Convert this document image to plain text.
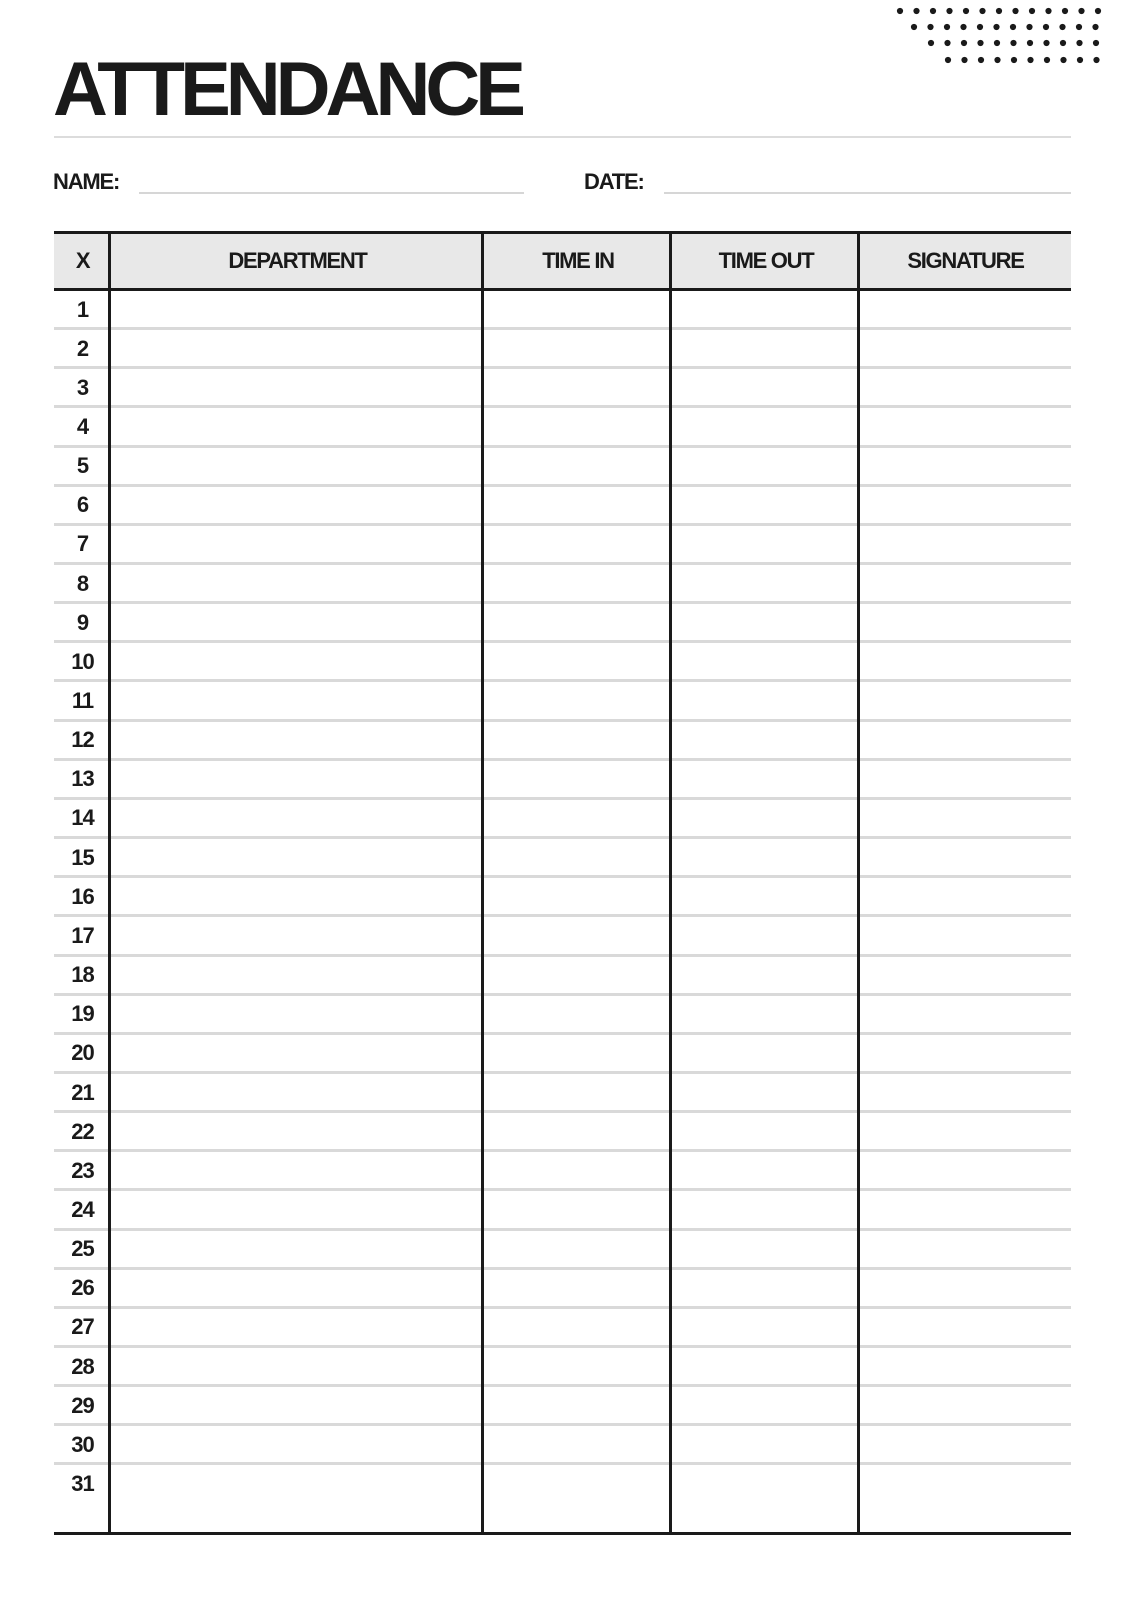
ATTENDANCE
NAME:	DATE:
X	DEPARTMENT	TIME IN	TIME OUT	SIGNATURE
1
2
3
4
5
6
7
8
9
10
11
12
13
14
15
16
17
18
19
20
21
22
23
24
25
26
27
28
29
30
31
